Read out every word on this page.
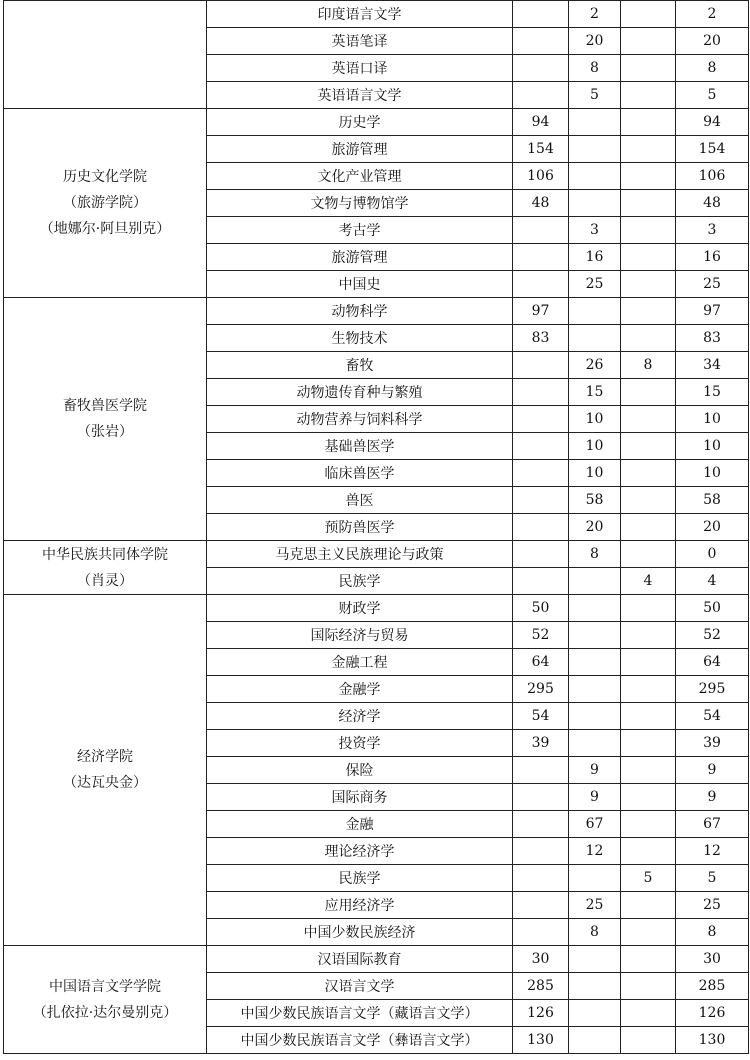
	印度语言文学		2		2
	英语笔译		20		20
	英语口译		8		8
	英语语言文学		5		5

历史文化学院
（旅游学院）
（地娜尔·阿旦别克）	历史学	94			94
	旅游管理	154			154
	文化产业管理	106			106
	文物与博物馆学	48			48
	考古学		3		3
	旅游管理		16		16
	中国史		25		25

畜牧兽医学院
（张岩）	动物科学	97			97
	生物技术	83			83
	畜牧		26	8	34
	动物遗传育种与繁殖		15		15
	动物营养与饲料科学		10		10
	基础兽医学		10		10
	临床兽医学		10		10
	兽医		58		58
	预防兽医学		20		20

中华民族共同体学院
（肖灵）	马克思主义民族理论与政策		8		0
	民族学			4	4

经济学院
（达瓦央金）	财政学	50			50
	国际经济与贸易	52			52
	金融工程	64			64
	金融学	295			295
	经济学	54			54
	投资学	39			39
	保险		9		9
	国际商务		9		9
	金融		67		67
	理论经济学		12		12
	民族学			5	5
	应用经济学		25		25
	中国少数民族经济		8		8

中国语言文学学院
（扎依拉·达尔曼别克）	汉语国际教育	30			30
	汉语言文学	285			285
	中国少数民族语言文学（藏语言文学）	126			126
	中国少数民族语言文学（彝语言文学）	130			130
